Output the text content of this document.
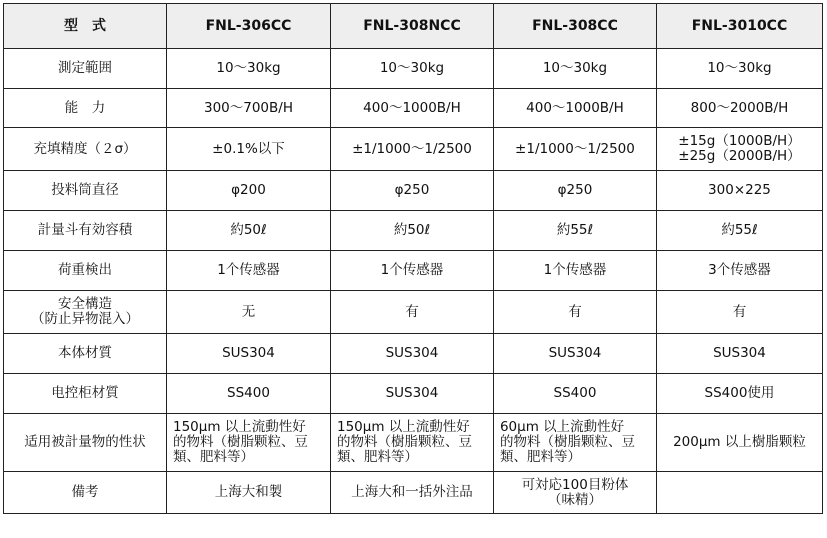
型　式	FNL-306CC	FNL-308NCC	FNL-308CC	FNL-3010CC

測定範囲	10～30kg	10～30kg	10～30kg	10～30kg

能　力	300～700B/H	400～1000B/H	400～1000B/H	800～2000B/H

充填精度（２σ）	±0.1%以下	±1/1000～1/2500	±1/1000～1/2500	±15g（1000B/H）
±25g（2000B/H）

投料筒直径	φ200	φ250	φ250	300×225

計量斗有効容積	約50ℓ	約50ℓ	約55ℓ	約55ℓ

荷重検出	1个传感器	1个传感器	1个传感器	3个传感器

安全構造
（防止异物混入）	无	有	有	有

本体材質	SUS304	SUS304	SUS304	SUS304

电控柜材質	SS400	SUS304	SS400	SS400使用

适用被計量物的性状	150μm 以上流動性好
的物料（樹脂颗粒、豆
類、肥料等）	150μm 以上流動性好
的物料（樹脂颗粒、豆
類、肥料等）	60μm 以上流動性好
的物料（樹脂颗粒、豆
類、肥料等）	200μm 以上樹脂颗粒

備考	上海大和製	上海大和一括外注品	可対応100目粉体
（味精）	
